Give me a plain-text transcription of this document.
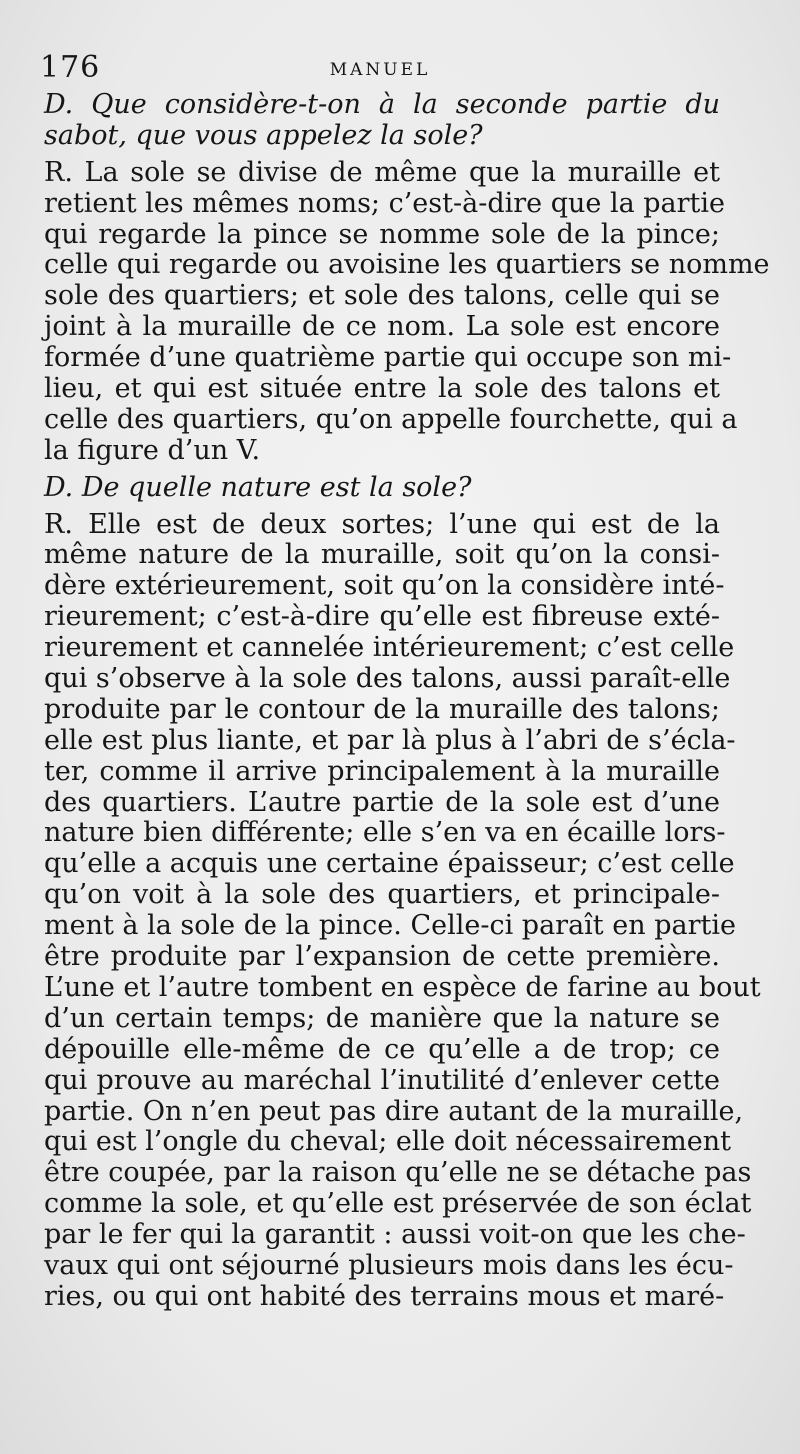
176	MANUEL
D. Que considère-t-on à la seconde partie du
sabot, que vous appelez la sole?
R. La sole se divise de même que la muraille et
retient les mêmes noms; c’est-à-dire que la partie
qui regarde la pince se nomme sole de la pince;
celle qui regarde ou avoisine les quartiers se nomme
sole des quartiers; et sole des talons, celle qui se
joint à la muraille de ce nom. La sole est encore
formée d’une quatrième partie qui occupe son mi-
lieu, et qui est située entre la sole des talons et
celle des quartiers, qu’on appelle fourchette, qui a
la figure d’un V.
D. De quelle nature est la sole?
R. Elle est de deux sortes; l’une qui est de la
même nature de la muraille, soit qu’on la consi-
dère extérieurement, soit qu’on la considère inté-
rieurement; c’est-à-dire qu’elle est fibreuse exté-
rieurement et cannelée intérieurement; c’est celle
qui s’observe à la sole des talons, aussi paraît-elle
produite par le contour de la muraille des talons;
elle est plus liante, et par là plus à l’abri de s’écla-
ter, comme il arrive principalement à la muraille
des quartiers. L’autre partie de la sole est d’une
nature bien différente; elle s’en va en écaille lors-
qu’elle a acquis une certaine épaisseur; c’est celle
qu’on voit à la sole des quartiers, et principale-
ment à la sole de la pince. Celle-ci paraît en partie
être produite par l’expansion de cette première.
L’une et l’autre tombent en espèce de farine au bout
d’un certain temps; de manière que la nature se
dépouille elle-même de ce qu’elle a de trop; ce
qui prouve au maréchal l’inutilité d’enlever cette
partie. On n’en peut pas dire autant de la muraille,
qui est l’ongle du cheval; elle doit nécessairement
être coupée, par la raison qu’elle ne se détache pas
comme la sole, et qu’elle est préservée de son éclat
par le fer qui la garantit : aussi voit-on que les che-
vaux qui ont séjourné plusieurs mois dans les écu-
ries, ou qui ont habité des terrains mous et maré-
